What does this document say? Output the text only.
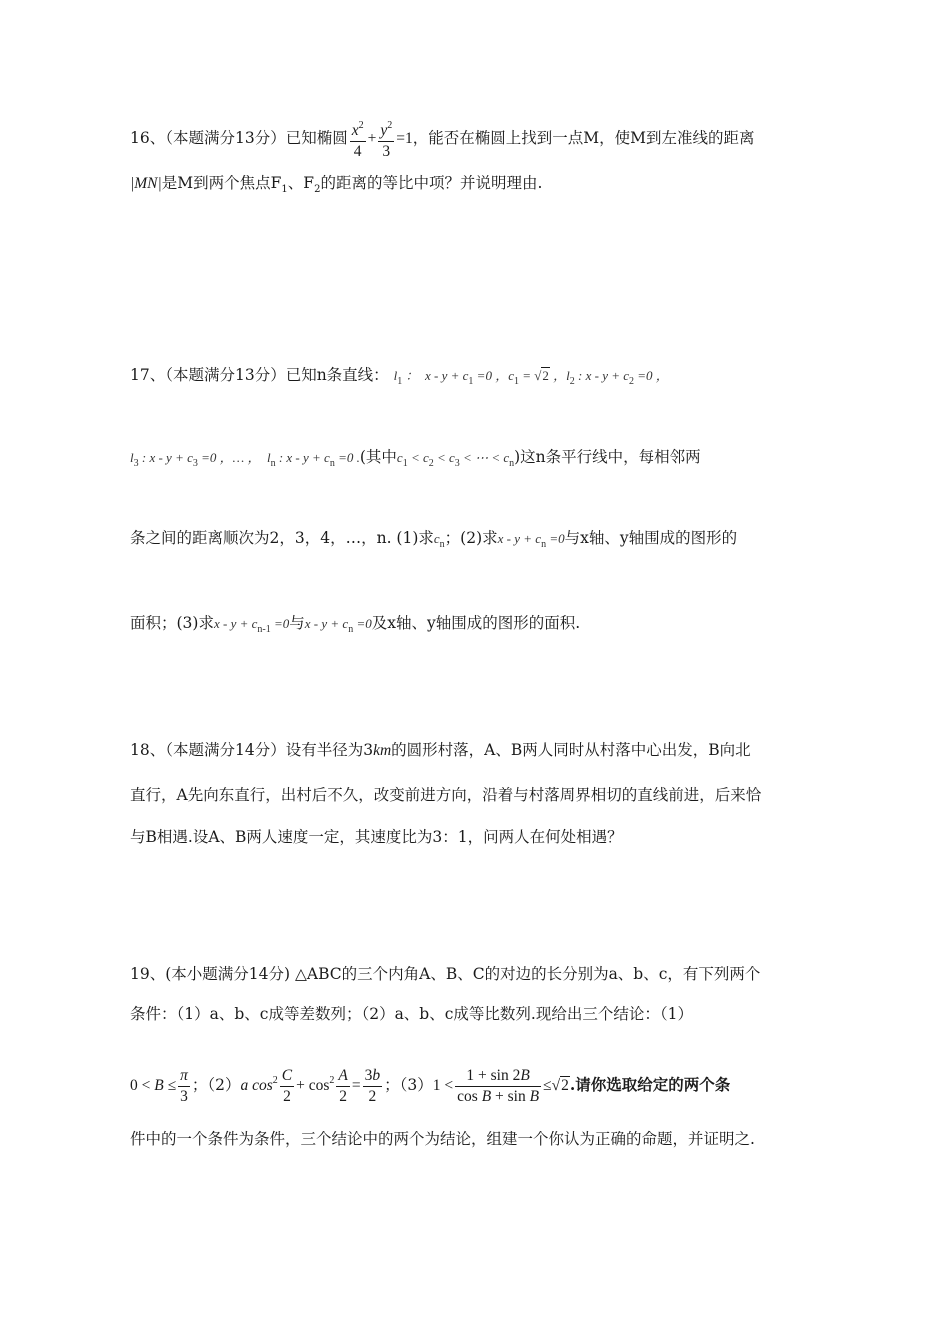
16、（本题满分13分）已知椭圆 $\frac{x^2}{4} + \frac{y^2}{3} =1$，能否在椭圆上找到一点M，使M到左准线的距离
|MN|是M到两个焦点$F_1$、$F_2$的距离的等比中项？并说明理由.
17、（本题满分13分）已知n条直线： $l_1$ ：  $x - y + c_1 =0$ ，$c_1 = √2$ ，$l_2$ : $x - y + c_2 =0$ ，
$l_3$ : $x - y + c_3 =0$ ，… ，  $l_n$ : $x - y + c_n =0$ .(其中$c_1 < c_2 < c_3$ < ⋯ < $c_n$)这n条平行线中，每相邻两
条之间的距离顺次为2，3，4，…，n. (1)求$c_n$；(2)求$x - y + c_n =0$与x轴、y轴围成的图形的
面积；(3)求$x - y + c_{n-1} =0$与$x - y + c_n =0$及x轴、y轴围成的图形的面积.
18、（本题满分14分）设有半径为3km的圆形村落，A、B两人同时从村落中心出发，B向北
直行，A先向东直行，出村后不久，改变前进方向，沿着与村落周界相切的直线前进，后来恰
与B相遇.设A、B两人速度一定，其速度比为3：1，问两人在何处相遇？
19、(本小题满分14分) △ABC的三个内角A、B、C的对边的长分别为a、b、c，有下列两个
条件：（1）a、b、c成等差数列；（2）a、b、c成等比数列.现给出三个结论：（1）
$0 < B \le \frac{\pi}{3}$ ；（2）a $\cos^2 \frac{C}{2} + \cos^2 \frac{A}{2} = \frac{3b}{2}$ ；$(3)1 < \frac{1 + \sin 2B}{\text{cos B + sin B}} \le√2$.请你选取给定的两个条
件中的一个条件为条件，三个结论中的两个为结论，组建一个你认为正确的命题，并证明之.
